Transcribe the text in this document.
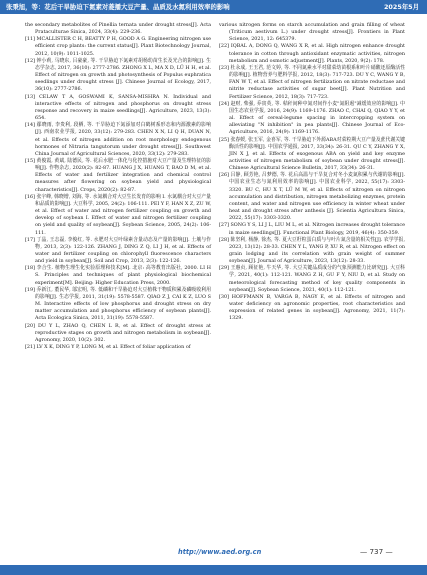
张秉旭，等：花后干旱胁迫下氮素对菱播大豆产量、品质及水氮利用效率的影响	2025年5月

the secondary metabolites of Pinellia ternata under drought stress[J]. Acta Prataculturae Sinica, 2024, 33(4): 229-236.

[11] MCALLISTER C H, BEATTY P H, GOOD A G. Engineering nitrogen use efficient crop plants: the current status[J]. Plant Biotechnology Journal, 2012, 10(9): 1011-1025.

[12] 钟小莉, 马晓东, 吕豪豪, 等. 干旱胁迫下氮素对胡杨幼苗生长及光合的影响[J]. 生态学杂志, 2017, 36(10): 2777-2786. ZHONG X L, MA X D, LÜ H H, et al. Effect of nitrogen on growth and photosynthesis of Populus euphratica seedlings under drought stress [J]. Chinese Journal of Ecology, 2017, 36(10): 2777-2786.

[13] CELAW T A, GOSWAMI K, SANSA-MISHRA N. Individual and interactive effects of nitrogen and phosphorus on drought stress response and recovery in maize seedlings[J]. Agriculture, 2023, 13(3): 654.

[14] 鄢晓雨, 李贵利, 段栖, 等. 干旱胁迫下氮添加对白鹤树系形态和内源激素的影响[J]. 西南农业学报, 2020, 33(12): 279-283. CHEN X N, LI Q H, DUAN N, et al. Effects of nitrogen addition on root morphology endogenous hormones of Nitraria tangutorum under drought stress[J]. Southwest China Journal of Agricultural Sciences, 2020, 33(12): 279-283.

[15] 黄俊霞, 黄斌, 陆德民, 等. 花后水肥一体化与化控措施对大豆产量及生理特征的影响[J]. 作物杂志, 2020(2): 82-87. HUANG J X, HUANG T, BAO D M, et al. Effects of water and fertilizer integration and chemical control measures after flowering on soybean yield and physiological characteristics[J]. Crops, 2020(2): 82-87.

[16] 张宇峰, 韩晓增, 刘海, 等. 水氮耦合对大豆生长发育的影响 I. 水氮耦合对大豆产量和品质的影响[J]. 大豆科学, 2005, 24(2): 106-111. PEI Y F, HAN X Z, ZU W, et al. Effect of water and nitrogen fertilizer coupling on growth and develop of soybean I. Effect of water and nitrogen fertilizer coupling on yield and quality of soybean[J]. Soybean Science, 2005, 24(2): 106-111.

[17] 丁晶, 王志磊, 李俊红, 等. 水肥对大豆叶绿素含量动态及产量的影响[J]. 土壤与作物, 2013, 2(3): 122-126. ZHANG J, DING Z Q, LI J H, et al. Effects of water and fertilizer coupling on chlorophyll fluorescence characters and yield in soybean[J]. Soil and Crop, 2013, 2(3): 122-126.

[18] 李合生. 植物生理生化实验原理和技术[M]. 北京: 高等教育出版社, 2000. LI H S. Principles and techniques of plant physiological biochemical experiment[M]. Beijing: Higher Education Press, 2000.

[19] 乔新江, 董民华, 邬宏明, 等. 低磷和干旱胁迫对大豆植株干物质积累及磷吸收利用的影响[J]. 生态学报, 2011, 31(19): 5578-5587. QIAO Z J, CAI K Z, LUO S M. Interactive effects of low phosphorus and drought stress on dry matter accumulation and phosphorus efficiency of soybean plants[J]. Acta Ecologica Sinica, 2011, 31(19): 5578-5587.

[20] DU Y L, ZHAO Q, CHEN L R, et al. Effect of drought stress at reproductive stages on growth and nitrogen metabolism in soybean[J]. Agronomy, 2020, 10(2): 302.

[21] LV X K, DING Y P, LONG M, et al. Effect of foliar application of

various nitrogen forms on starch accumulation and grain filling of wheat (Triticum aestivum L.) under drought stress[J]. Frontiers in Plant Science, 2021, 12: 645379.

[22] IQBAL A, DONG Q, WANG X R, et al. High nitrogen enhance drought tolerance in cotton through antioxidant enzymatic activities, nitrogen metabolism and osmotic adjustment[J]. Plants, 2020, 9(2): 178.

[23] 杜永成, 王玉君, 范文婷, 等. 不同氮素水平对甜菜幼苗根系和叶片硝酸还原酶活性的影响[J]. 植物营养与肥料学报, 2012, 18(3): 717-723. DU Y C, WANG Y B, FAN W T, et al. Effect of nitrogen fertilization on nitrate reductase and nitrite reductase activities of sugar beet[J]. Plant Nutrition and Fertilizer Science, 2012, 18(3): 717-723.

[24] 赵财, 柴强, 乔寅英, 等. 秸秆间种中氮对间作小麦"氮阻遏"减缓效应的影响[J]. 中国生态农业学报, 2016, 24(9): 1169-1176. ZHAO C, CHAI Q, QIAO Y Y, et al. Effect of cereal-legume spacing in intercropping system on alleviating "N inhibition" in pea plants[J]. Chinese Journal of Eco-Agriculture, 2016, 24(9): 1169-1176.

[25] 张春媛, 张玉军, 金喜军, 等. 干旱胁迫下外源ABA对菜粒期大豆产量及蔗代谢关键酶活性的影响[J]. 中国农学通报, 2017, 33(34): 26-31. QU C Y, ZHANG Y X, JIN X J, et al. Effects of exogenous ABA on yield and key enzyme activities of nitrogen metabolism of soybean under drought stress[J]. Chinese Agricultural Science Bulletin, 2017, 33(34): 26-31.

[26] 吕静, 顾芳艳, 吕梦德, 等. 花后高温与干旱复合对冬小麦氮积累与代谢的影响[J]. 中国农业生态与氮利用效率的影响[J]. 中国农业科学, 2022, 55(17): 3303-3320. BU C, HU X T, LÜ M W, et al. Effects of nitrogen on nitrogen accumulation and distribution, nitrogen metabolizing enzymes, protein content, and water and nitrogen use efficiency in winter wheat under heat and drought stress after anthesis [J]. Scientia Agricultura Sinica, 2022, 55(17): 3303-3320.

[27] SONG Y S, LI J L, LIU M L, et al. Nitrogen increases drought tolerance in maize seedlings[J]. Functional Plant Biology, 2019, 46(4): 350-359.

[28] 陈坚利, 杨静, 徐杰, 等. 夏大豆籽粒蛋白质与与叶片氮含量的相关性[J]. 农学学报, 2023, 13(12): 28-33. CHEN Y L, YANG P, XU R, et al. Nitrogen effect on grain lodging and its correlation with grain weight of summer soybean[J]. Journal of Agriculture, 2023, 13(12): 28-33.

[29] 王惠贞, 顾征艳, 牛天华, 等. 大豆关键品质成分的气象预测能力比研究[J]. 大豆科学, 2021, 40(1): 112-121. WANG Z H, GU F Y, NIU D, et al. Study on meteorological forecasting method of key quality components in soybean[J]. Soybean Science, 2021, 40(1): 112-121.

[30] HOFFMANN B, VARGA B, NAGY E, et al. Effects of nitrogen and water deficiency on agronomic properties, root characteristics and expression of related genes in soybean[J]. Agronomy, 2021, 11(7): 1329.

http://www.aed.org.cn	— 737 —
